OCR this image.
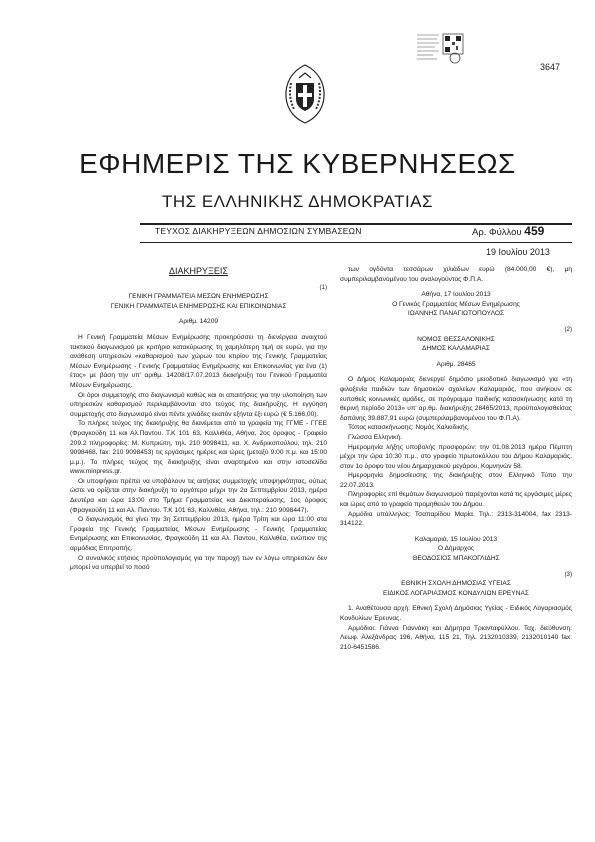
3647
ΕΦΗΜΕΡΙΣ ΤΗΣ ΚΥΒΕΡΝΗΣΕΩΣ
ΤΗΣ ΕΛΛΗΝΙΚΗΣ ΔΗΜΟΚΡΑΤΙΑΣ
ΤΕΥΧΟΣ ΔΙΑΚΗΡΥΞΕΩΝ ΔΗΜΟΣΙΩΝ ΣΥΜΒΑΣΕΩΝ	Αρ. Φύλλου 459
19 Ιουλίου 2013

ΔΙΑΚΗΡΥΞΕΙΣ

(1)

ΓΕΝΙΚΗ ΓΡΑΜΜΑΤΕΙΑ ΜΕΣΩΝ ΕΝΗΜΕΡΩΣΗΣ

ΓΕΝΙΚΗ ΓΡΑΜΜΑΤΕΙΑ ΕΝΗΜΕΡΩΣΗΣ ΚΑΙ ΕΠΙΚΟΙΝΩΝΙΑΣ

Αριθμ. 14209

Η Γενική Γραμματεία Μέσων Ενημέρωσης προκηρύσσει τη διενέργεια ανοιχτού τακτικού διαγωνισμού με κριτήριο κατακύρωσης τη χαμηλότερη τιμή σε ευρώ, για την ανάθεση υπηρεσιών «καθαρισμού των χώρων του κτιρίου της Γενικής Γραμματείας Μέσων Ενημέρωσης - Γενικής Γραμματείας Ενημέρωσης και Επικοινωνίας για ένα (1) έτος» με βάση την υπ' αριθμ. 14208/17.07.2013 διακήρυξη του Γενικού Γραμματέα Μέσων Ενημέρωσης.

Οι όροι συμμετοχής στο διαγωνισμό καθώς και οι απαιτήσεις για την υλοποίηση των υπηρεσιών καθαρισμού περιλαμβάνονται στο τεύχος της διακήρυξης. Η εγγύηση συμμετοχής στο διαγωνισμό είναι πέντε χιλιάδες εκατόν εξήντα έξι ευρώ (€ 5.166,00).

Το πλήρες τεύχος της διακήρυξης θα διανέμεται από τα γραφεία της ΓΓΜΕ - ΓΓΕΕ (Φραγκούδη 11 και Αλ.Παντου. Τ.Κ 101 63, Καλλιθέα, Αθήνα, 2ος όροφος - Γραφείο 209.2 πληροφορίες: Μ. Κυπριώτη, τηλ. 210 9098411, κα. Χ. Ανδρικοπούλου, τηλ. 210 9098468, fax: 210 9098453) τις εργάσιμες ημέρες και ώρες (μεταξύ 9:00 π.μ. και 15:00 μ.μ.). Το πλήρες τεύχος της διακήρυξης είναι αναρτημένο και στην ιστοσελίδα www.minpress.gr.

Οι υποψήφιοι πρέπει να υποβάλουν τις αιτήσεις συμμετοχής υποψηφιότητας, ούτως ώστε να ορίζεται στην διακήρυξη το αργότερο μέχρι την 2α Σεπτεμβρίου 2013, ημέρα Δευτέρα και ώρα 13:00 στο Τμήμα Γραμματείας και Διεκπεραίωσης, 1ος όροφος (Φραγκούδη 11 και Αλ. Παντου. Τ.Κ 101 63, Καλλιθέα, Αθήνα, τηλ.: 210 9098447).

Ο διαγωνισμός θα γίνει την 3η Σεπτεμβρίου 2013, ημέρα Τρίτη και ώρα 11:00 στα Γραφεία της Γενικής Γραμματείας Μέσων Ενημέρωσης - Γενικής Γραμματείας Ενημέρωσης και Επικοινωνίας, Φραγκούδη 11 και Αλ. Παντου, Καλλιθέα, ενώπιον της αρμόδιας Επιτροπής.

Ο συνολικός ετήσιος προϋπολογισμός για την παροχή των εν λόγω υπηρεσιών δεν μπορεί να υπερβεί το ποσό

των ογδόντα τεσσάρων χιλιάδων ευρώ (84.000,00 €), μη συμπεριλαμβανομένου του αναλογούντος Φ.Π.Α.

Αθήνα, 17 Ιουλίου 2013

Ο Γενικός Γραμματέας Μέσων Ενημέρωσης

ΙΩΑΝΝΗΣ ΠΑΝΑΓΙΩΤΟΠΟΥΛΟΣ

(2)

ΝΟΜΟΣ ΘΕΣΣΑΛΟΝΙΚΗΣ

ΔΗΜΟΣ ΚΑΛΑΜΑΡΙΑΣ

Αριθμ. 28465

Ο Δήμος Καλαμαριάς διενεργεί δημόσιο μειοδοτικό διαγωνισμό για «τη φιλοξενία παιδιών των δημοτικών σχολείων Καλαμαριάς, που ανήκουν σε ευπαθείς κοινωνικές ομάδες, σε πρόγραμμα παιδικής κατασκήνωσης κατά τη θερινή περίοδο 2013» υπ' αρ.θμ. διακήρυξης 28465/2013, προϋπολογισθείσας δαπάνης 39.887,91 ευρώ (συμπεριλαμβανομένου του Φ.Π.Α).

Τόπος κατασκήνωσης: Νομός Χαλκιδικής.

Γλώσσα Ελληνική.

Ημερομηνία λήξης υποβολής προσφορών: την 01.08.2013 ημέρα Πέμπτη μέχρι την ώρα 10:30 π.μ., στο γραφείο πρωτοκόλλου του Δήμου Καλαμαριάς, στον 1ο όροφο του νέου Δημαρχιακού μεγάρου, Κομνηνών 58.

Ημερομηνία δημοσίευσης της διακήρυξης στον Ελληνικό Τύπο την 22.07.2013.

Πληροφορίες επί θεμάτων διαγωνισμού παρέχονται κατά τις εργάσιμες μέρες και ώρες από το γραφείο προμηθειών του Δήμου.

Αρμόδια υπάλληλος: Τσαπαρίδου Μαρία. Τηλ.: 2313-314004, fax 2313-314122.

Καλαμαριά, 15 Ιουλίου 2013

Ο Δήμαρχος

ΘΕΟΔΟΣΙΟΣ ΜΠΑΚΟΓΛΙΔΗΣ

(3)

ΕΘΝΙΚΗ ΣΧΟΛΗ ΔΗΜΟΣΙΑΣ ΥΓΕΙΑΣ

ΕΙΔΙΚΟΣ ΛΟΓΑΡΙΑΣΜΟΣ ΚΟΝΔΥΛΙΩΝ ΕΡΕΥΝΑΣ

1. Αναθέτουσα αρχή: Εθνική Σχολή Δημόσιας Υγείας - Ειδικός Λογαριασμός Κονδυλίων Έρευνας.

Αρμόδιοι: Γιάννα Γιαννάκη και Δήμητρα Τριανταφύλλου. Ταχ. διεύθυνση: Λεωφ. Αλεξάνδρας 196, Αθήνα, 115 21, Τηλ. 2132010339, 2132010140 fax: 210-6451586.
